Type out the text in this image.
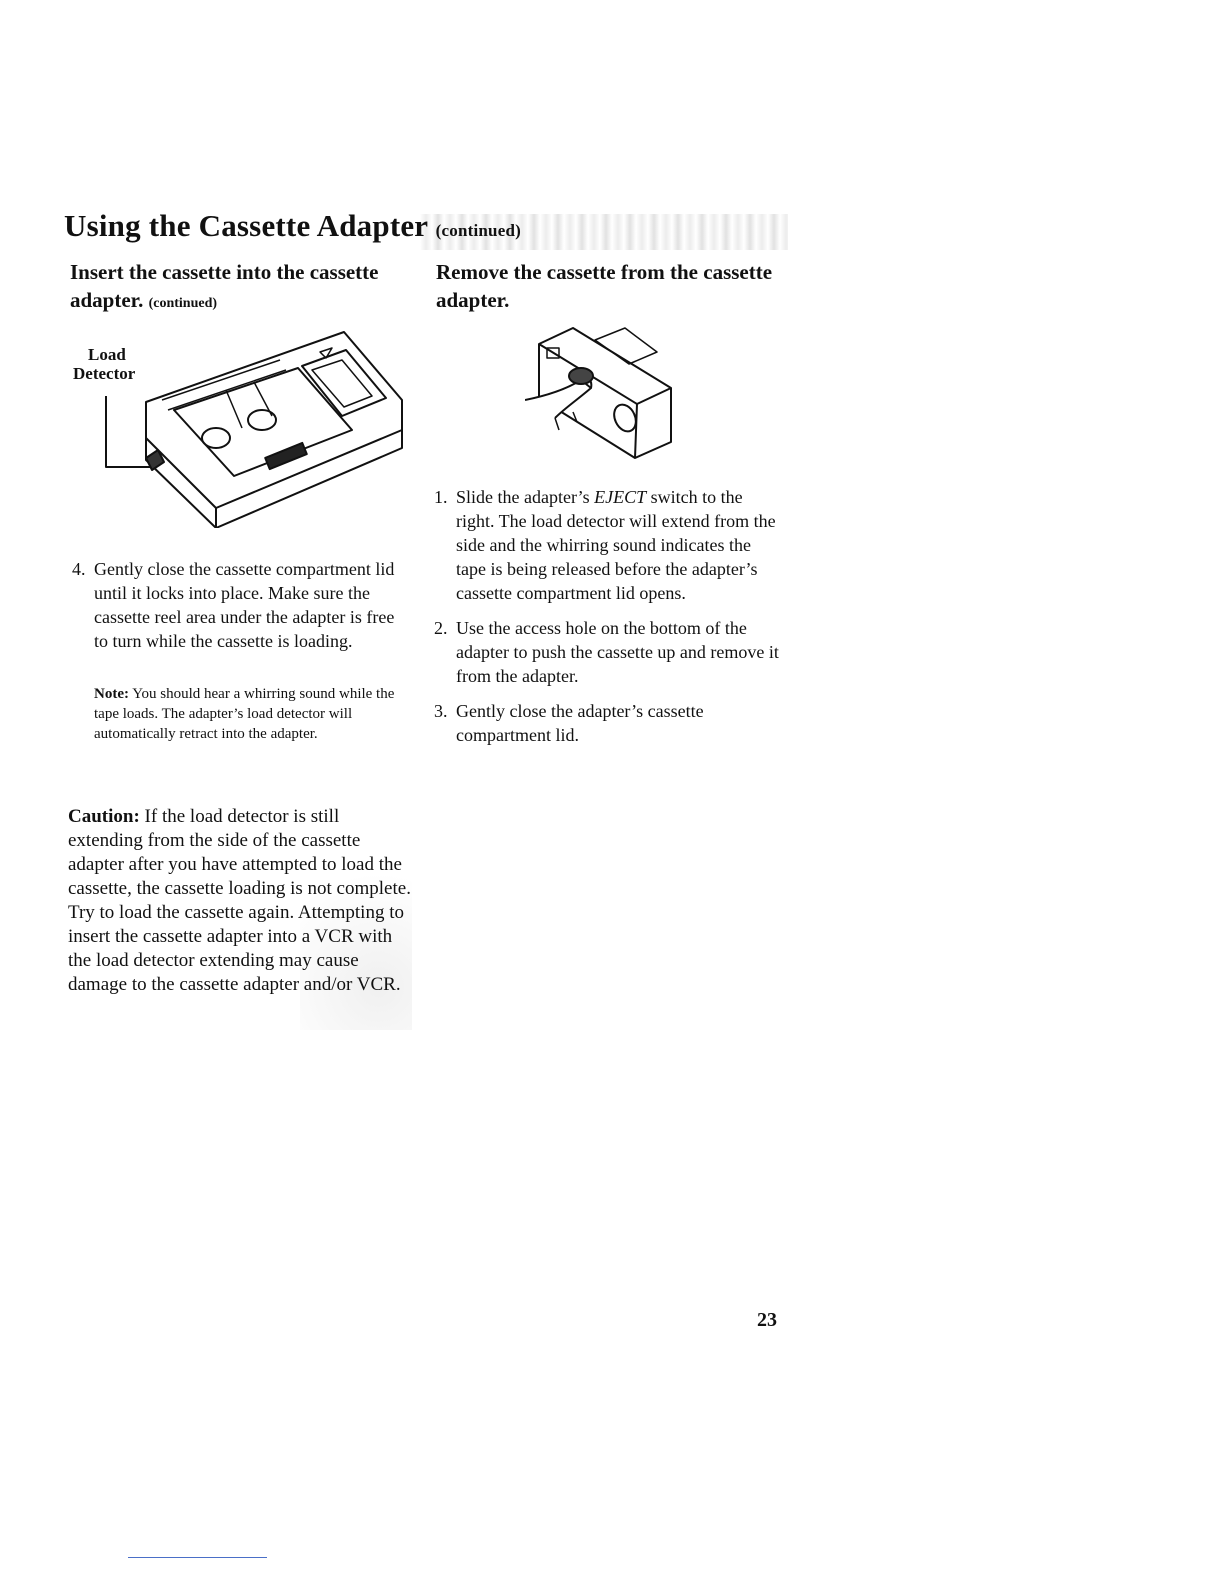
Using the Cassette Adapter (continued)
Insert the cassette into the cassette adapter. (continued)
Remove the cassette from the cassette adapter.
Load
Detector
4. Gently close the cassette compartment lid until it locks into place. Make sure the cassette reel area under the adapter is free to turn while the cassette is loading.
Note: You should hear a whirring sound while the tape loads. The adapter’s load detector will automatically retract into the adapter.
Caution: If the load detector is still extending from the side of the cassette adapter after you have attempted to load the cassette, the cassette loading is not complete. Try to load the cassette again. Attempting to insert the cassette adapter into a VCR with the load detector extending may cause damage to the cassette adapter and/or VCR.
1. Slide the adapter’s EJECT switch to the right. The load detector will extend from the side and the whirring sound indicates the tape is being released before the adapter’s cassette compartment lid opens.
2. Use the access hole on the bottom of the adapter to push the cassette up and remove it from the adapter.
3. Gently close the adapter’s cassette compartment lid.
23
